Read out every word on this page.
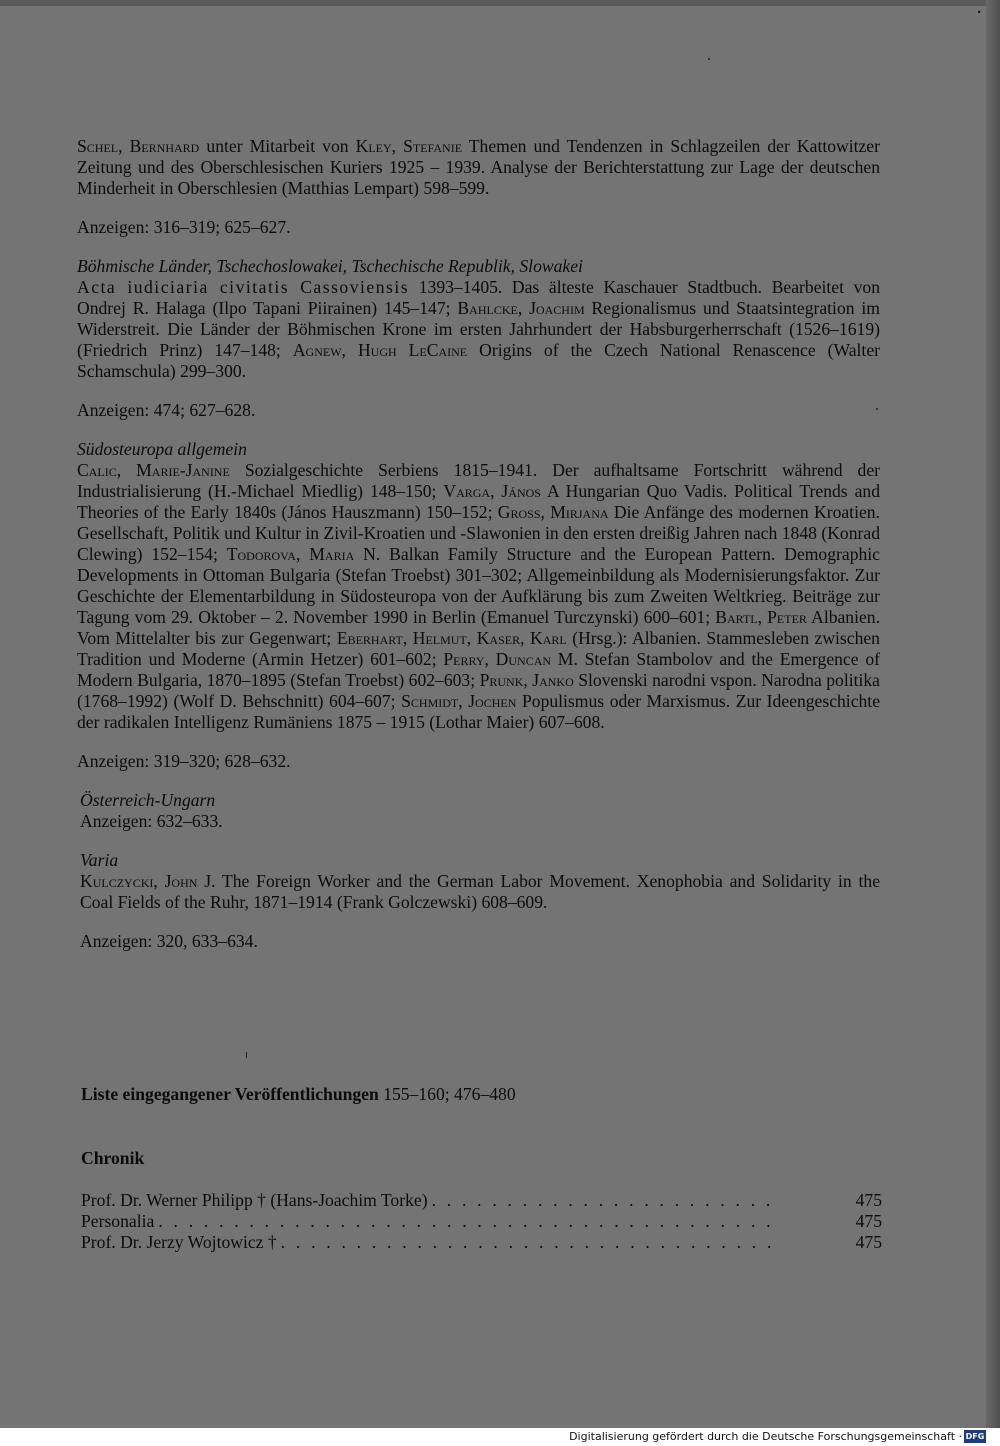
·

Schel, Bernhard unter Mitarbeit von Kley, Stefanie Themen und Tendenzen in Schlagzeilen der Kattowitzer Zeitung und des Oberschlesischen Kuriers 1925 – 1939. Analyse der Berichterstattung zur Lage der deutschen Minderheit in Oberschlesien (Matthias Lempart) 598–599.

Anzeigen: 316–319; 625–627.

Böhmische Länder, Tschechoslowakei, Tschechische Republik, Slowakei

Acta iudiciaria civitatis Cassoviensis 1393–1405. Das älteste Kaschauer Stadtbuch. Bearbeitet von Ondrej R. Halaga (Ilpo Tapani Piirainen) 145–147; Bahlcke, Joachim Regionalismus und Staatsintegration im Widerstreit. Die Länder der Böhmischen Krone im ersten Jahrhundert der Habsburgerherrschaft (1526–1619) (Friedrich Prinz) 147–148; Agnew, Hugh LeCaine Origins of the Czech National Renascence (Walter Schamschula) 299–300.

Anzeigen: 474; 627–628.

Südosteuropa allgemein

Calic, Marie-Janine Sozialgeschichte Serbiens 1815–1941. Der aufhaltsame Fortschritt während der Industrialisierung (H.-Michael Miedlig) 148–150; Varga, János A Hungarian Quo Vadis. Political Trends and Theories of the Early 1840s (János Hauszmann) 150–152; Gross, Mirjana Die Anfänge des modernen Kroatien. Gesellschaft, Politik und Kultur in Zivil-Kroatien und -Slawonien in den ersten dreißig Jahren nach 1848 (Konrad Clewing) 152–154; Todorova, Maria N. Balkan Family Structure and the European Pattern. Demographic Developments in Ottoman Bulgaria (Stefan Troebst) 301–302; Allgemeinbildung als Modernisierungsfaktor. Zur Geschichte der Elementarbildung in Südosteuropa von der Aufklärung bis zum Zweiten Weltkrieg. Beiträge zur Tagung vom 29. Oktober – 2. November 1990 in Berlin (Emanuel Turczynski) 600–601; Bartl, Peter Albanien. Vom Mittelalter bis zur Gegenwart; Eberhart, Helmut, Kaser, Karl (Hrsg.): Albanien. Stammesleben zwischen Tradition und Moderne (Armin Hetzer) 601–602; Perry, Duncan M. Stefan Stambolov and the Emergence of Modern Bulgaria, 1870–1895 (Stefan Troebst) 602–603; Prunk, Janko Slovenski narodni vspon. Narodna politika (1768–1992) (Wolf D. Behschnitt) 604–607; Schmidt, Jochen Populismus oder Marxismus. Zur Ideengeschichte der radikalen Intelligenz Rumäniens 1875 – 1915 (Lothar Maier) 607–608.

Anzeigen: 319–320; 628–632.

Österreich-Ungarn

Anzeigen: 632–633.

Varia

Kulczycki, John J. The Foreign Worker and the German Labor Movement. Xenophobia and Solidarity in the Coal Fields of the Ruhr, 1871–1914 (Frank Golczewski) 608–609.

Anzeigen: 320, 633–634.

Liste eingegangener Veröffentlichungen 155–160; 476–480
Chronik
Prof. Dr. Werner Philipp † (Hans-Joachim Torke) . . .	475
Personalia . . .	475
Prof. Dr. Jerzy Wojtowicz † . . .	475
Digitalisierung gefördert durch die Deutsche Forschungsgemeinschaft · DFG
